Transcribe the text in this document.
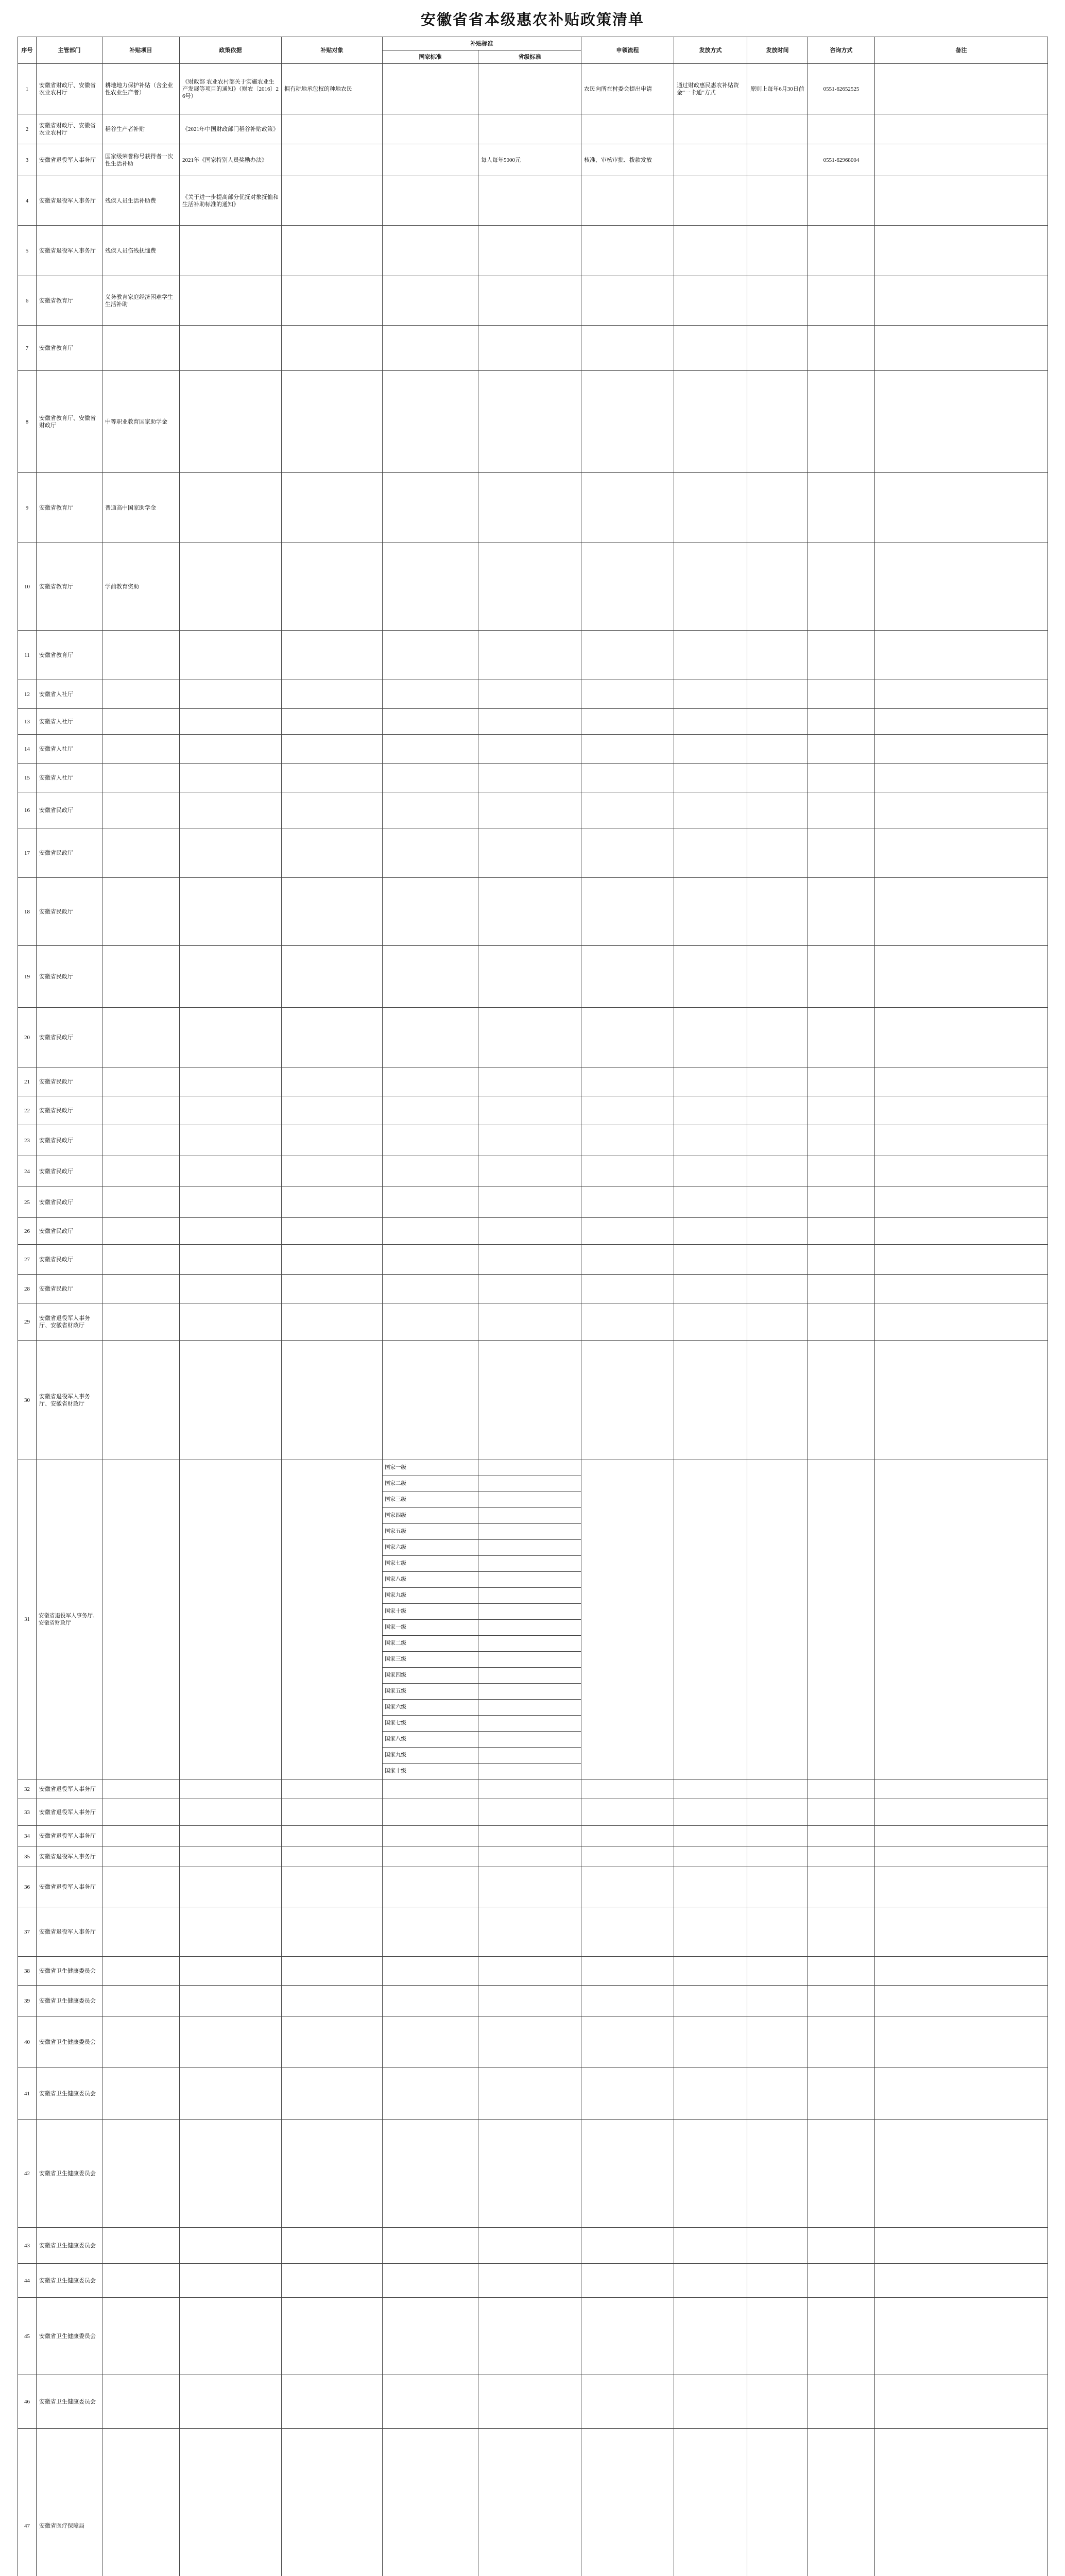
安徽省省本级惠农补贴政策清单
序号	主管部门	补贴项目	政策依据	补贴对象	补贴标准		申领流程	发放方式	发放时间	咨询方式	备注
					国家标准	省级标准					
1	安徽省财政厅、安徽省农业农村厅	耕地地力保护补贴（含企业性农业生产者）	《财政部 农业农村部关于实施农业生产发展等项目的通知》（财农〔2016〕26号）	拥有耕地承包权的种地农民			农民向所在村委会提出申请	通过财政惠民惠农补贴资金“一卡通”方式	原则上每年6月30日前	0551-62652525	
2	安徽省财政厅、安徽省农业农村厅	稻谷生产者补贴	《2021年中国财政部门稻谷补贴政策》								
3	安徽省退役军人事务厅	国家级荣誉称号获得者一次性生活补助	2021年《国家特别人员奖励办法》			每人每年5000元	核准、审核审批、拨款发放			0551-62968004	
4	安徽省退役军人事务厅	残疾人员生活补助费	《关于进一步提高部分优抚对象抚恤和生活补助标准的通知》								
5	安徽省退役军人事务厅	残疾人员伤残抚恤费									
6	安徽省教育厅	义务教育家庭经济困难学生生活补助									
7	安徽省教育厅										
8	安徽省教育厅、安徽省财政厅	中等职业教育国家助学金									
9	安徽省教育厅	普通高中国家助学金									
10	安徽省教育厅	学前教育资助									
11	安徽省教育厅										
12	安徽省人社厅										
13	安徽省人社厅										
14	安徽省人社厅										
15	安徽省人社厅										
16	安徽省民政厅										
17	安徽省民政厅										
18	安徽省民政厅										
19	安徽省民政厅										
20	安徽省民政厅										
21	安徽省民政厅										
22	安徽省民政厅										
23	安徽省民政厅										
24	安徽省民政厅										
25	安徽省民政厅										
26	安徽省民政厅										
27	安徽省民政厅										
28	安徽省民政厅										
29	安徽省退役军人事务厅、安徽省财政厅										
30	安徽省退役军人事务厅、安徽省财政厅										
31	安徽省退役军人事务厅、安徽省财政厅				国家一级						
					国家二级						
					国家三级						
					国家四级						
					国家五级						
					国家六级						
					国家七级						
					国家八级						
					国家九级						
					国家十级						
					国家一级						
					国家二级						
					国家三级						
					国家四级						
					国家五级						
					国家六级						
					国家七级						
					国家八级						
					国家九级						
					国家十级						
32	安徽省退役军人事务厅										
33	安徽省退役军人事务厅										
34	安徽省退役军人事务厅										
35	安徽省退役军人事务厅										
36	安徽省退役军人事务厅										
37	安徽省退役军人事务厅										
38	安徽省卫生健康委员会										
39	安徽省卫生健康委员会										
40	安徽省卫生健康委员会										
41	安徽省卫生健康委员会										
42	安徽省卫生健康委员会										
43	安徽省卫生健康委员会										
44	安徽省卫生健康委员会										
45	安徽省卫生健康委员会										
46	安徽省卫生健康委员会										
47	安徽省医疗保障局										
